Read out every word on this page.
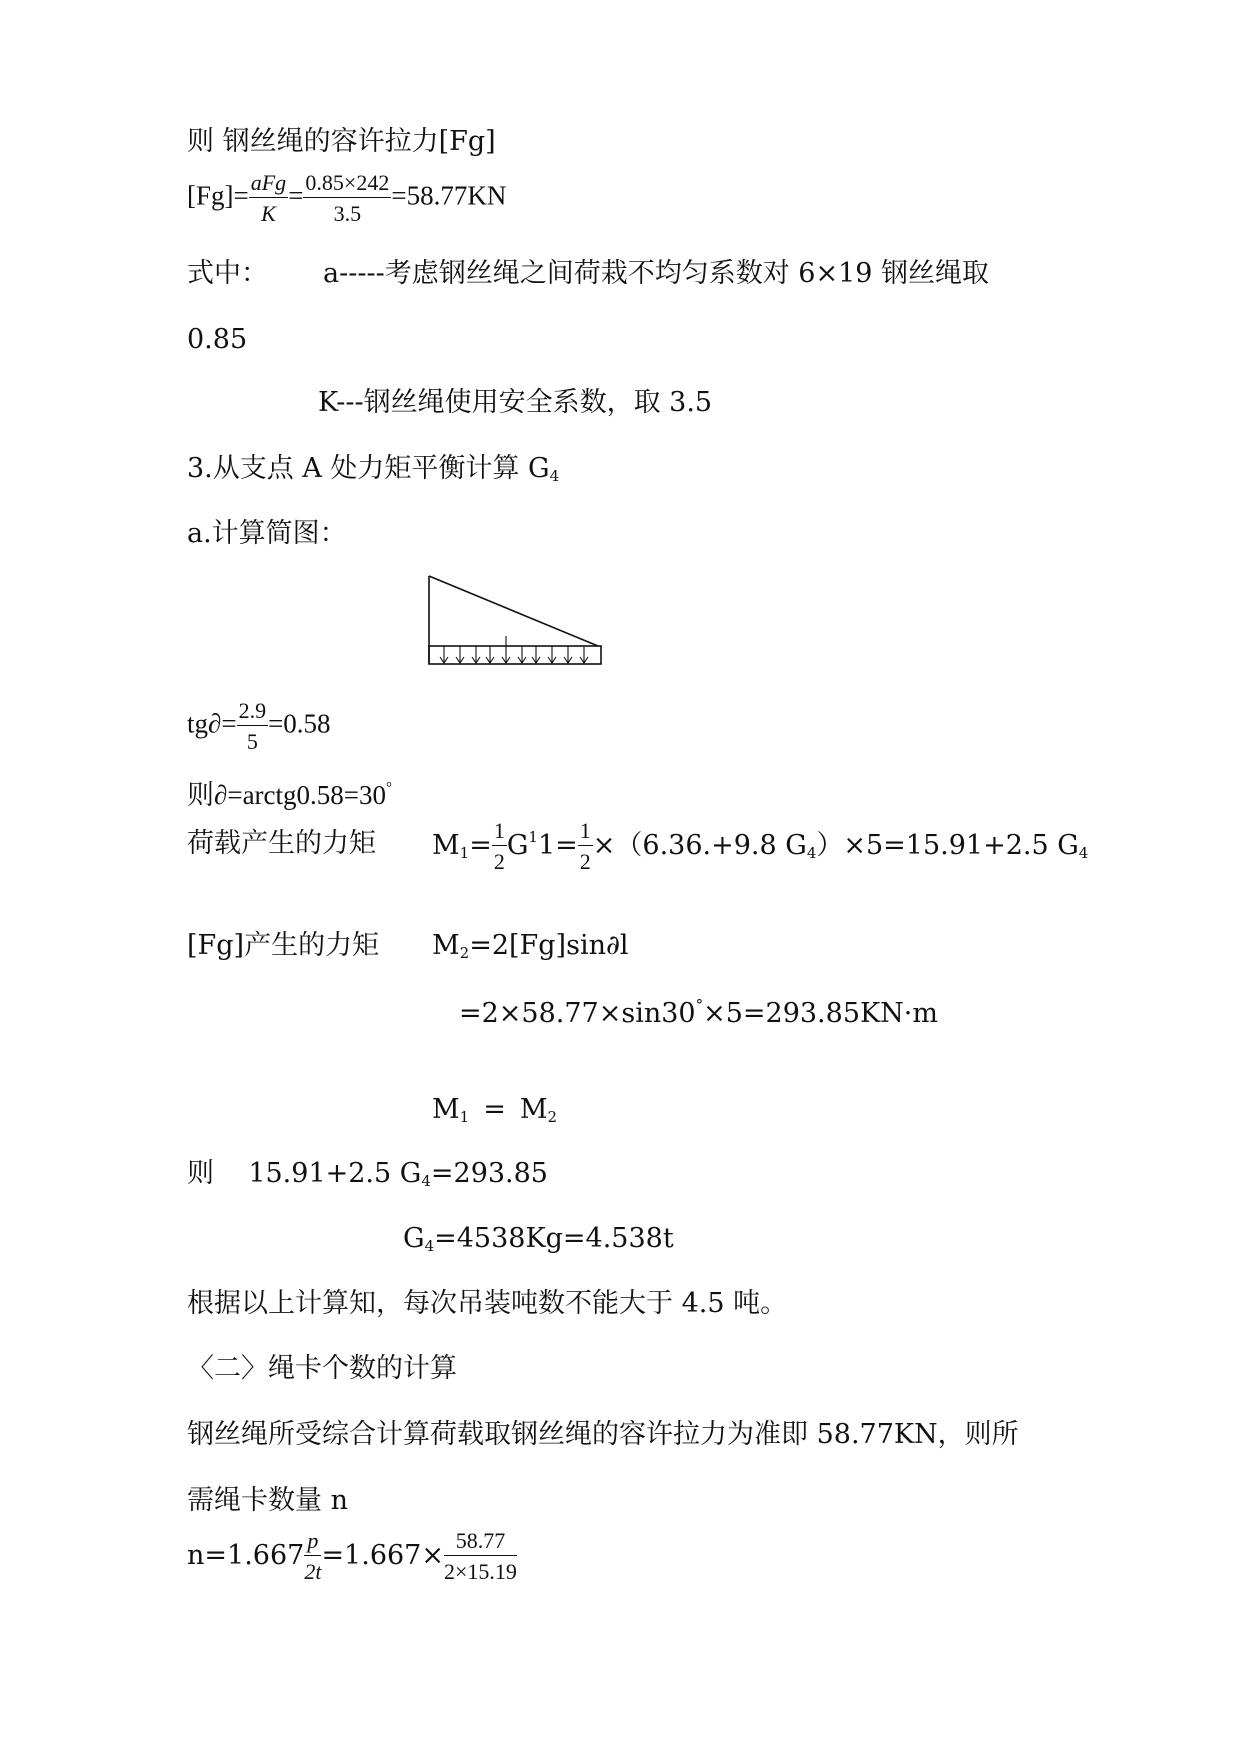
则 钢丝绳的容许拉力[Fg]
$[Fg]= \frac{\text{aFg}}{K} = \frac{0.85\times 242}{3.5} =58.77KN$
式中： a-----考虑钢丝绳之间荷栽不均匀系数对 6×19 钢丝绳取
0.85
K---钢丝绳使用安全系数，取 3.5
3.从支点 A 处力矩平衡计算 $G_4$
a.计算简图：
$tg\partial= \frac{2.9}{5} =0.58$
则∂=arctg0.58=30°
荷载产生的力矩 $M_1= \frac{1}{2} G^11= \frac{1}{2} \times(6.36.+9.8$ $G_4)\times 5=15.91+2.5$ $G_4$
[Fg]产生的力矩 $M_2=2[Fg]\sin\partial l$
=2×58.77×sin30°×5=293.85KN·m
$M_1 = M_2$
则    15.91+2.5 $G_4=293.85$
$G_4=4538Kg=4.538t$
根据以上计算知，每次吊装吨数不能大于 4.5 吨。
〈二〉绳卡个数的计算
钢丝绳所受综合计算荷载取钢丝绳的容许拉力为准即 58.77KN，则所
需绳卡数量 n
$n=1.667 \frac{p}{2t} =1.667\times \frac{58.77}{2\times 15.19}$
